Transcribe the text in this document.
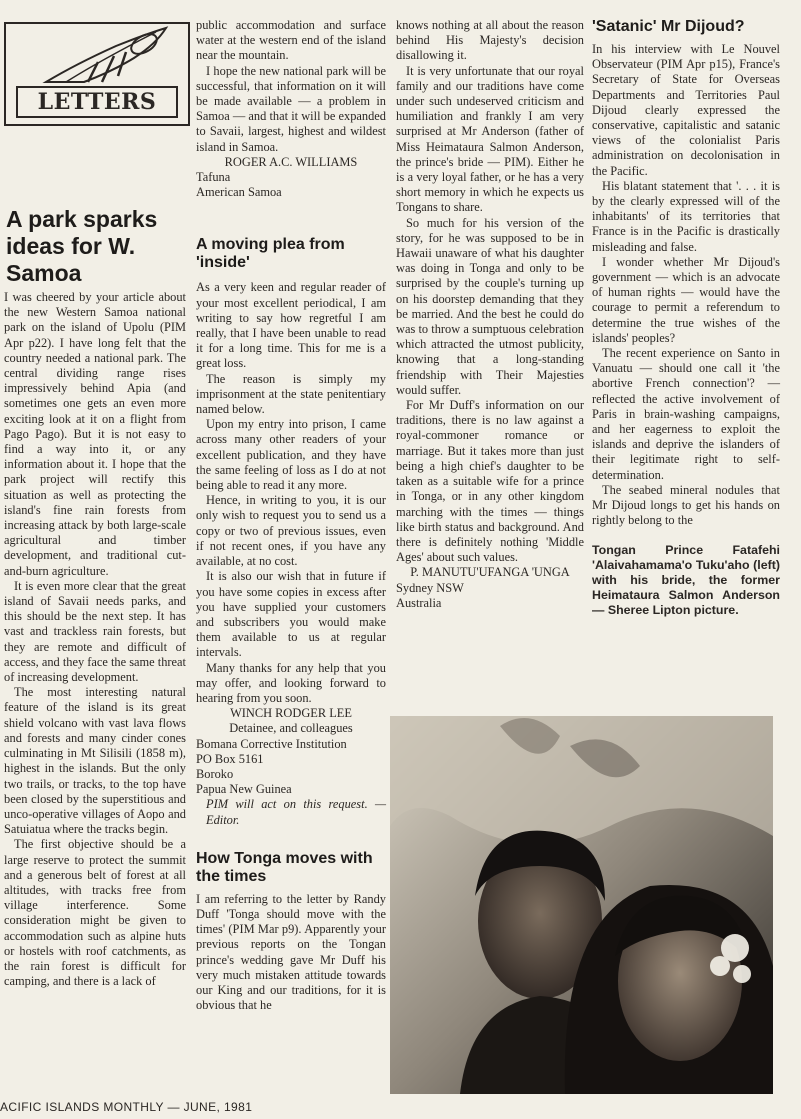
LETTERS
A park sparks ideas for W. Samoa

I was cheered by your article about the new Western Samoa national park on the island of Upolu (PIM Apr p22). I have long felt that the country needed a national park. The central dividing range rises impressively behind Apia (and sometimes one gets an even more exciting look at it on a flight from Pago Pago). But it is not easy to find a way into it, or any information about it. I hope that the park project will rectify this situation as well as protecting the island's fine rain forests from increasing attack by both large-scale agricultural and timber development, and traditional cut-and-burn agriculture.

It is even more clear that the great island of Savaii needs parks, and this should be the next step. It has vast and trackless rain forests, but they are remote and difficult of access, and they face the same threat of increasing development.

The most interesting natural feature of the island is its great shield volcano with vast lava flows and forests and many cinder cones culminating in Mt Silisili (1858 m), highest in the islands. But the only two trails, or tracks, to the top have been closed by the superstitious and unco-operative villages of Aopo and Satuiatua where the tracks begin.

The first objective should be a large reserve to protect the summit and a generous belt of forest at all altitudes, with tracks free from village interference. Some consideration might be given to accommodation such as alpine huts or hostels with roof catchments, as the rain forest is difficult for camping, and there is a lack of

public accommodation and surface water at the western end of the island near the mountain.

I hope the new national park will be successful, that information on it will be made available — a problem in Samoa — and that it will be expanded to Savaii, largest, highest and wildest island in Samoa.

ROGER A.C. WILLIAMS

Tafuna

American Samoa

A moving plea from 'inside'

As a very keen and regular reader of your most excellent periodical, I am writing to say how regretful I am really, that I have been unable to read it for a long time. This for me is a great loss.

The reason is simply my imprisonment at the state penitentiary named below.

Upon my entry into prison, I came across many other readers of your excellent publication, and they have the same feeling of loss as I do at not being able to read it any more.

Hence, in writing to you, it is our only wish to request you to send us a copy or two of previous issues, even if not recent ones, if you have any available, at no cost.

It is also our wish that in future if you have some copies in excess after you have supplied your customers and subscribers you would make them available to us at regular intervals.

Many thanks for any help that you may offer, and looking forward to hearing from you soon.

WINCH RODGER LEE

Detainee, and colleagues

Bomana Corrective Institution

PO Box 5161

Boroko

Papua New Guinea

PIM will act on this request. — Editor.

How Tonga moves with the times

I am referring to the letter by Randy Duff 'Tonga should move with the times' (PIM Mar p9). Apparently your previous reports on the Tongan prince's wedding gave Mr Duff his very much mistaken attitude towards our King and our traditions, for it is obvious that he

knows nothing at all about the reason behind His Majesty's decision disallowing it.

It is very unfortunate that our royal family and our traditions have come under such undeserved criticism and humiliation and frankly I am very surprised at Mr Anderson (father of Miss Heimataura Salmon Anderson, the prince's bride — PIM). Either he is a very loyal father, or he has a very short memory in which he expects us Tongans to share.

So much for his version of the story, for he was supposed to be in Hawaii unaware of what his daughter was doing in Tonga and only to be surprised by the couple's turning up on his doorstep demanding that they be married. And the best he could do was to throw a sumptuous celebration which attracted the utmost publicity, knowing that a long-standing friendship with Their Majesties would suffer.

For Mr Duff's information on our traditions, there is no law against a royal-commoner romance or marriage. But it takes more than just being a high chief's daughter to be taken as a suitable wife for a prince in Tonga, or in any other kingdom marching with the times — things like birth status and background. And there is definitely nothing 'Middle Ages' about such values.

P. MANUTU'UFANGA 'UNGA

Sydney NSW

Australia

'Satanic' Mr Dijoud?

In his interview with Le Nouvel Observateur (PIM Apr p15), France's Secretary of State for Overseas Departments and Territories Paul Dijoud clearly expressed the conservative, capitalistic and satanic views of the colonialist Paris administration on decolonisation in the Pacific.

His blatant statement that '. . . it is by the clearly expressed will of the inhabitants' of its territories that France is in the Pacific is drastically misleading and false.

I wonder whether Mr Dijoud's government — which is an advocate of human rights — would have the courage to permit a referendum to determine the true wishes of the islands' peoples?

The recent experience on Santo in Vanuatu — should one call it 'the abortive French connection'? — reflected the active involvement of Paris in brain-washing campaigns, and her eagerness to exploit the islands and deprive the islanders of their legitimate right to self-determination.

The seabed mineral nodules that Mr Dijoud longs to get his hands on rightly belong to the

Tongan Prince Fatafehi 'Alaivahamama'o Tuku'aho (left) with his bride, the former Heimataura Salmon Anderson — Sheree Lipton picture.

ACIFIC ISLANDS MONTHLY — JUNE, 1981
